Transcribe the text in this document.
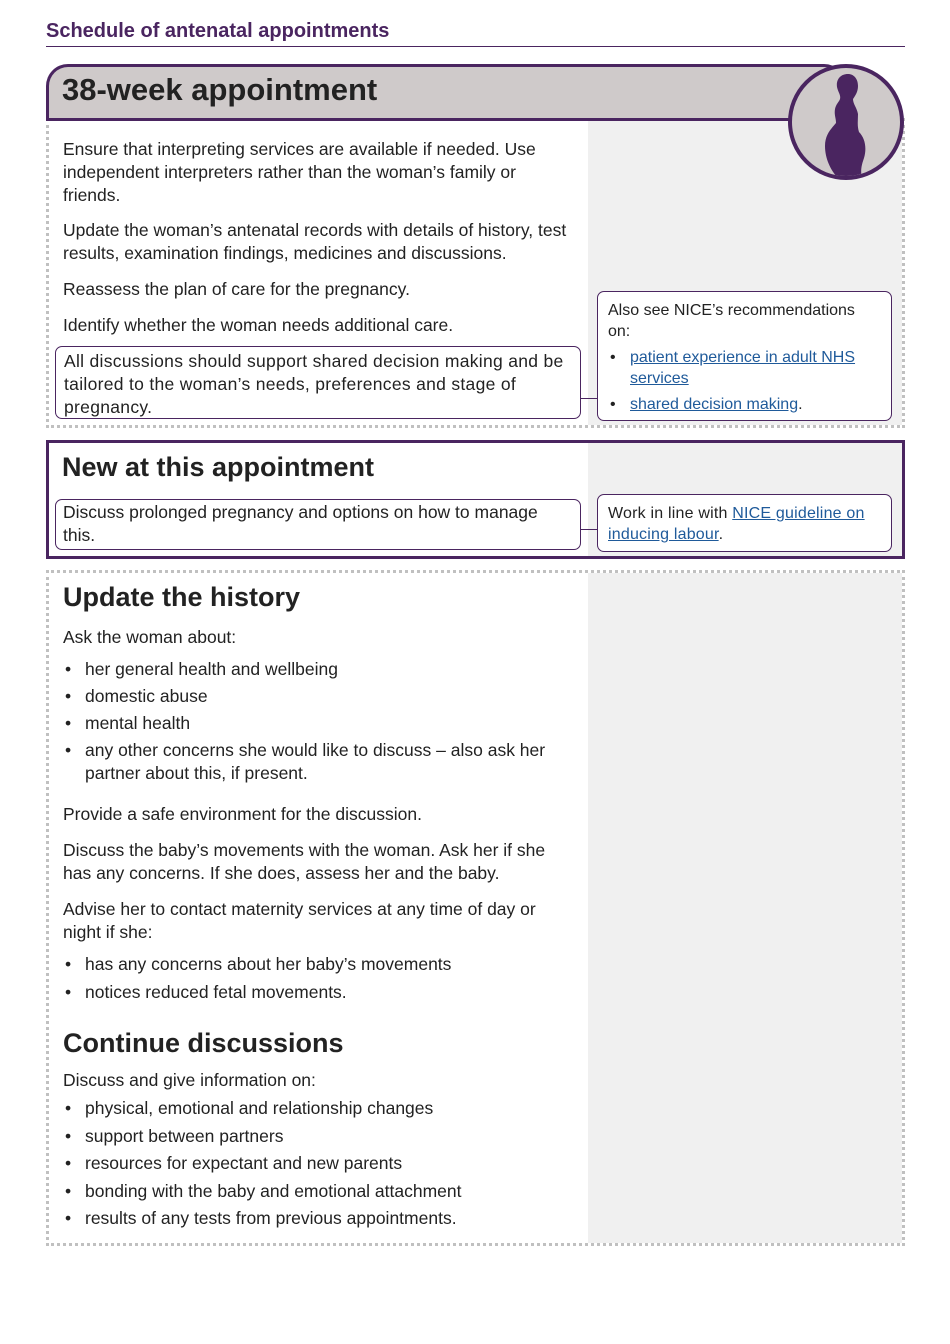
Schedule of antenatal appointments
38-week appointment
Ensure that interpreting services are available if needed. Use independent interpreters rather than the woman’s family or friends.
Update the woman’s antenatal records with details of history, test results, examination findings, medicines and discussions.
Reassess the plan of care for the pregnancy.
Identify whether the woman needs additional care.
All discussions should support shared decision making and be tailored to the woman’s needs, preferences and stage of pregnancy.
Also see NICE’s recommendations on:
• patient experience in adult NHS services
• shared decision making.
New at this appointment
Discuss prolonged pregnancy and options on how to manage this.
Work in line with NICE guideline on inducing labour.
Update the history
Ask the woman about:
• her general health and wellbeing
• domestic abuse
• mental health
• any other concerns she would like to discuss – also ask her partner about this, if present.
Provide a safe environment for the discussion.
Discuss the baby’s movements with the woman. Ask her if she has any concerns. If she does, assess her and the baby.
Advise her to contact maternity services at any time of day or night if she:
• has any concerns about her baby’s movements
• notices reduced fetal movements.
Continue discussions
Discuss and give information on:
• physical, emotional and relationship changes
• support between partners
• resources for expectant and new parents
• bonding with the baby and emotional attachment
• results of any tests from previous appointments.
